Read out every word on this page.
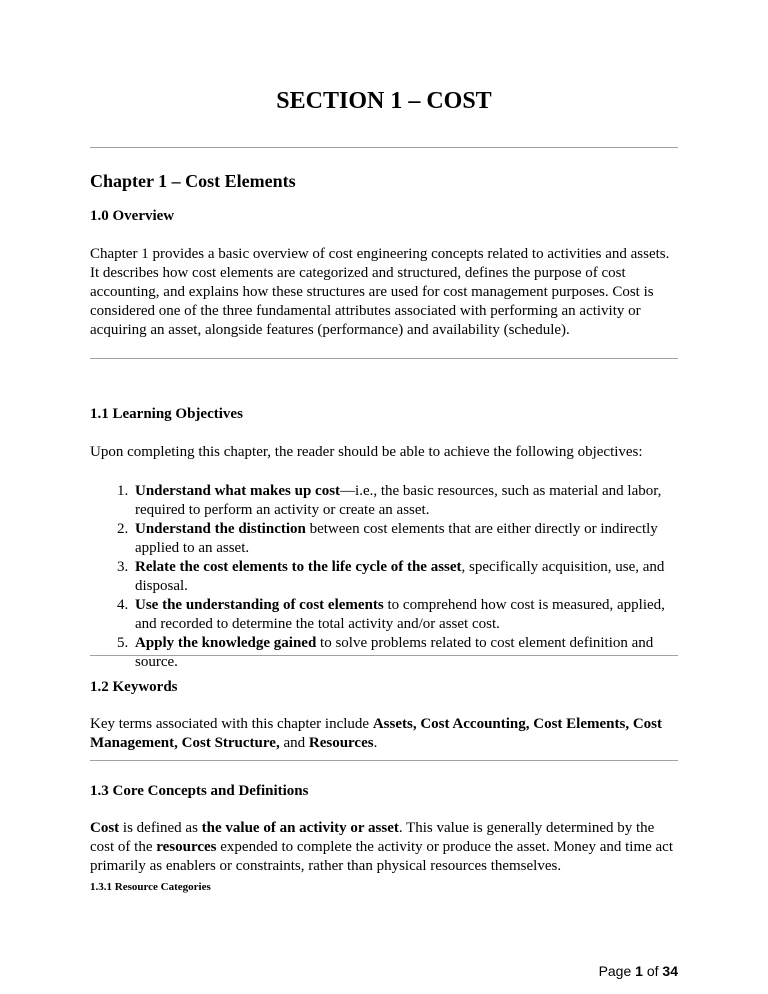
SECTION 1 – COST
Chapter 1 – Cost Elements
1.0 Overview
Chapter 1 provides a basic overview of cost engineering concepts related to activities and assets. It describes how cost elements are categorized and structured, defines the purpose of cost accounting, and explains how these structures are used for cost management purposes. Cost is considered one of the three fundamental attributes associated with performing an activity or acquiring an asset, alongside features (performance) and availability (schedule).
1.1 Learning Objectives
Upon completing this chapter, the reader should be able to achieve the following objectives:
1. Understand what makes up cost—i.e., the basic resources, such as material and labor, required to perform an activity or create an asset.
2. Understand the distinction between cost elements that are either directly or indirectly applied to an asset.
3. Relate the cost elements to the life cycle of the asset, specifically acquisition, use, and disposal.
4. Use the understanding of cost elements to comprehend how cost is measured, applied, and recorded to determine the total activity and/or asset cost.
5. Apply the knowledge gained to solve problems related to cost element definition and source.
1.2 Keywords
Key terms associated with this chapter include Assets, Cost Accounting, Cost Elements, Cost Management, Cost Structure, and Resources.
1.3 Core Concepts and Definitions
Cost is defined as the value of an activity or asset. This value is generally determined by the cost of the resources expended to complete the activity or produce the asset. Money and time act primarily as enablers or constraints, rather than physical resources themselves.
1.3.1 Resource Categories
Page 1 of 34
